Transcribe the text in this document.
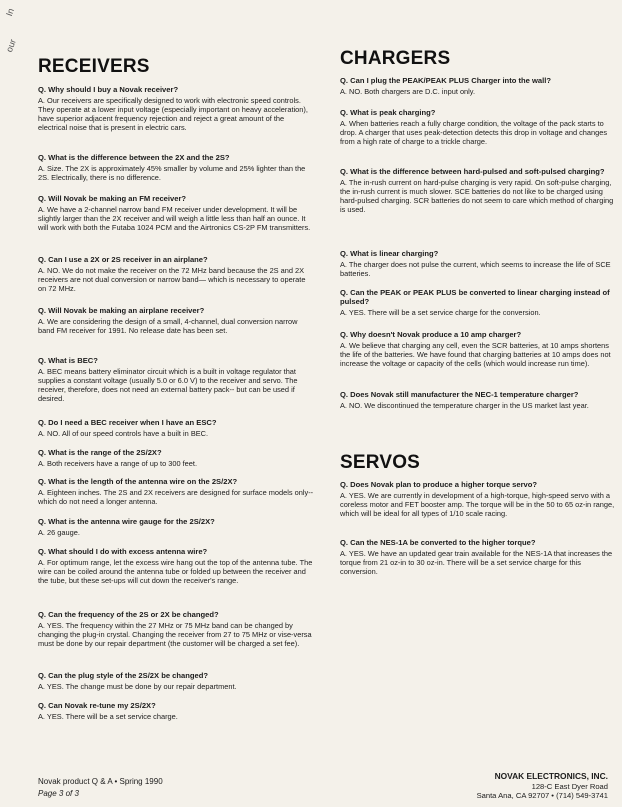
In
our
RECEIVERS
Q. Why should I buy a Novak receiver?
A. Our receivers are specifically designed to work with electronic speed controls. They operate at a lower input voltage (especially important on heavy acceleration), have superior adjacent frequency rejection and reject a great amount of the electrical noise that is present in electric cars.
Q. What is the difference between the 2X and the 2S?
A. Size. The 2X is approximately 45% smaller by volume and 25% lighter than the 2S. Electrically, there is no difference.
Q. Will Novak be making an FM receiver?
A. We have a 2-channel narrow band FM receiver under development. It will be slightly larger than the 2X receiver and will weigh a little less than half an ounce. It will work with both the Futaba 1024 PCM and the Airtronics CS-2P FM transmitters.
Q. Can I use a 2X or 2S receiver in an airplane?
A. NO. We do not make the receiver on the 72 MHz band because the 2S and 2X receivers are not dual conversion or narrow band— which is necessary to operate on 72 MHz.
Q. Will Novak be making an airplane receiver?
A. We are considering the design of a small, 4-channel, dual conversion narrow band FM receiver for 1991. No release date has been set.
Q. What is BEC?
A. BEC means battery eliminator circuit which is a built in voltage regulator that supplies a constant voltage (usually 5.0 or 6.0 V) to the receiver and servo. The receiver, therefore, does not need an external battery pack-- but can be used if desired.
Q. Do I need a BEC receiver when I have an ESC?
A. NO. All of our speed controls have a built in BEC.
Q. What is the range of the 2S/2X?
A. Both receivers have a range of up to 300 feet.
Q. What is the length of the antenna wire on the 2S/2X?
A. Eighteen inches. The 2S and 2X receivers are designed for surface models only-- which do not need a longer antenna.
Q. What is the antenna wire gauge for the 2S/2X?
A. 26 gauge.
Q. What should I do with excess antenna wire?
A. For optimum range, let the excess wire hang out the top of the antenna tube. The wire can be coiled around the antenna tube or folded up between the receiver and the tube, but these set-ups will cut down the receiver's range.
Q. Can the frequency of the 2S or 2X be changed?
A. YES. The frequency within the 27 MHz or 75 MHz band can be changed by changing the plug-in crystal. Changing the receiver from 27 to 75 MHz or vise-versa must be done by our repair department (the customer will be charged a set fee).
Q. Can the plug style of the 2S/2X be changed?
A. YES. The change must be done by our repair department.
Q. Can Novak re-tune my 2S/2X?
A. YES. There will be a set service charge.
CHARGERS
Q. Can I plug the PEAK/PEAK PLUS Charger into the wall?
A. NO. Both chargers are D.C. input only.
Q. What is peak charging?
A. When batteries reach a fully charge condition, the voltage of the pack starts to drop. A charger that uses peak-detection detects this drop in voltage and changes from a high rate of charge to a trickle charge.
Q. What is the difference between hard-pulsed and soft-pulsed charging?
A. The in-rush current on hard-pulse charging is very rapid. On soft-pulse charging, the in-rush current is much slower. SCE batteries do not like to be charged using hard-pulsed charging. SCR batteries do not seem to care which method of charging is used.
Q. What is linear charging?
A. The charger does not pulse the current, which seems to increase the life of SCE batteries.
Q. Can the PEAK or PEAK PLUS be converted to linear charging instead of pulsed?
A. YES. There will be a set service charge for the conversion.
Q. Why doesn't Novak produce a 10 amp charger?
A. We believe that charging any cell, even the SCR batteries, at 10 amps shortens the life of the batteries. We have found that charging batteries at 10 amps does not increase the voltage or capacity of the cells (which would increase run time).
Q. Does Novak still manufacturer the NEC-1 temperature charger?
A. NO. We discontinued the temperature charger in the US market last year.
SERVOS
Q. Does Novak plan to produce a higher torque servo?
A. YES. We are currently in development of a high-torque, high-speed servo with a coreless motor and FET booster amp. The torque will be in the 50 to 65 oz-in range, which will be ideal for all types of 1/10 scale racing.
Q. Can the NES-1A be converted to the higher torque?
A. YES. We have an updated gear train available for the NES-1A that increases the torque from 21 oz-in to 30 oz-in. There will be a set service charge for this conversion.
Novak product Q & A • Spring 1990
Page 3 of 3
NOVAK ELECTRONICS, INC.
128-C East Dyer Road
Santa Ana, CA 92707 • (714) 549-3741
